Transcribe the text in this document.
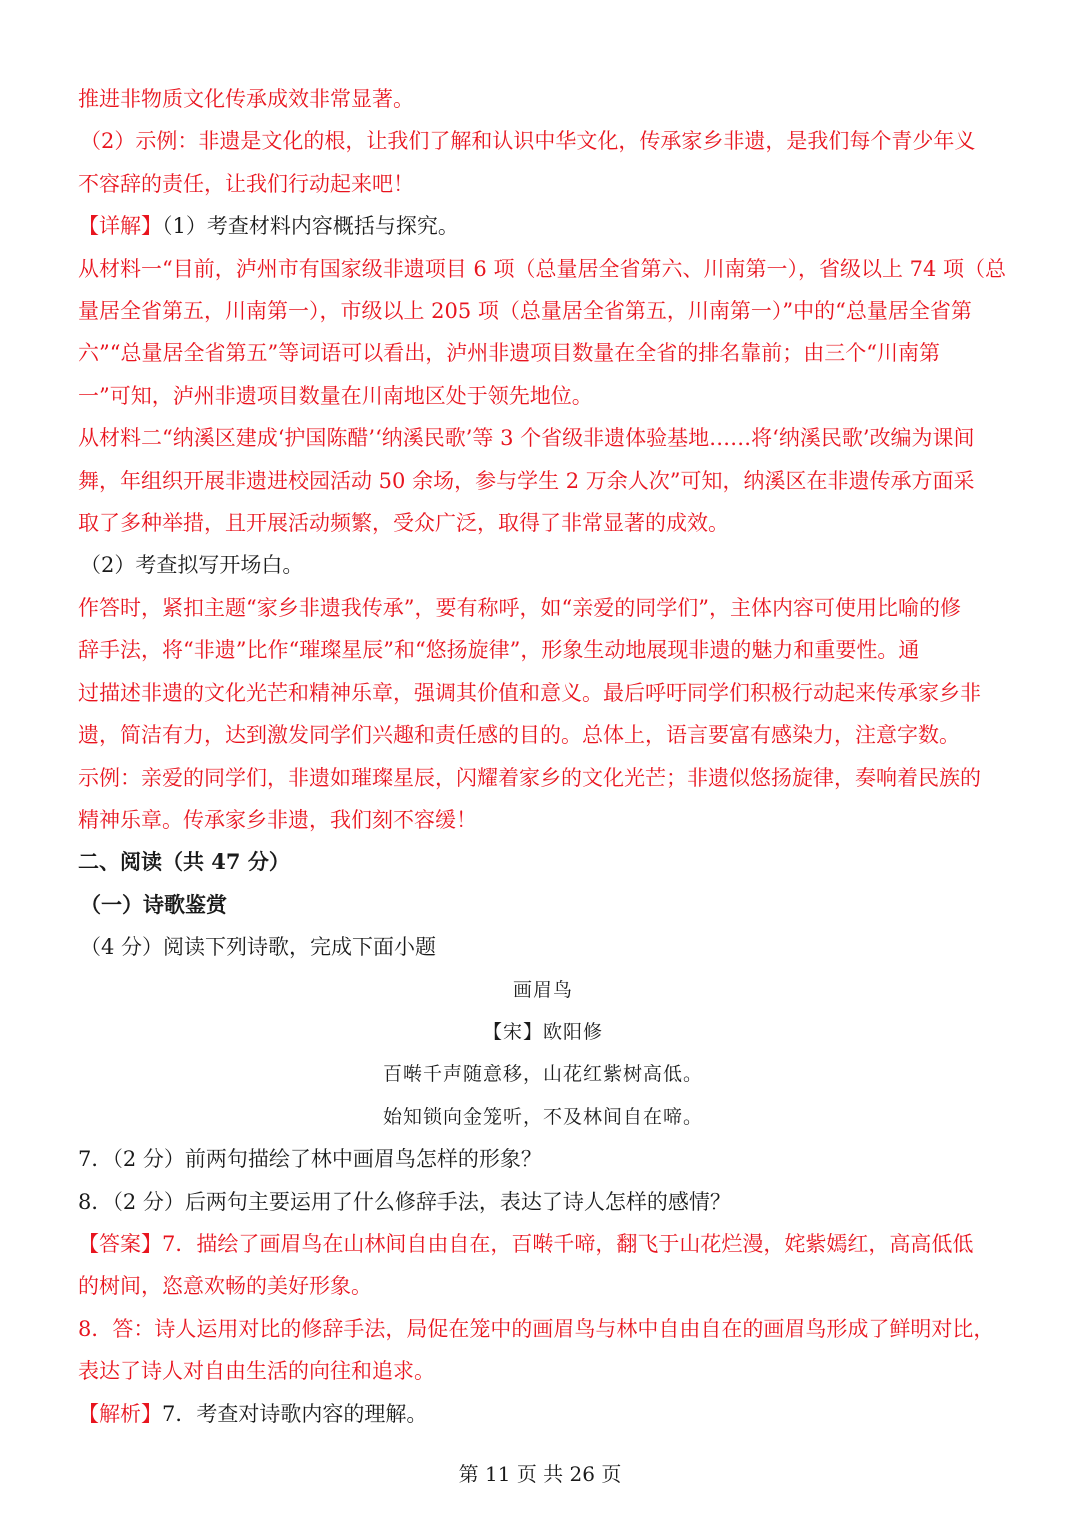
推进非物质文化传承成效非常显著。

（2）示例：非遗是文化的根，让我们了解和认识中华文化，传承家乡非遗，是我们每个青少年义

不容辞的责任，让我们行动起来吧！

【详解】（1）考查材料内容概括与探究。

从材料一“目前，泸州市有国家级非遗项目 6 项（总量居全省第六、川南第一），省级以上 74 项（总

量居全省第五，川南第一），市级以上 205 项（总量居全省第五，川南第一）”中的“总量居全省第

六”“总量居全省第五”等词语可以看出，泸州非遗项目数量在全省的排名靠前；由三个“川南第

一”可知，泸州非遗项目数量在川南地区处于领先地位。

从材料二“纳溪区建成‘护国陈醋’‘纳溪民歌’等 3 个省级非遗体验基地……将‘纳溪民歌’改编为课间

舞，年组织开展非遗进校园活动 50 余场，参与学生 2 万余人次”可知，纳溪区在非遗传承方面采

取了多种举措，且开展活动频繁，受众广泛，取得了非常显著的成效。

（2）考查拟写开场白。

作答时，紧扣主题“家乡非遗我传承”，要有称呼，如“亲爱的同学们”，主体内容可使用比喻的修

辞手法，将“非遗”比作“璀璨星辰”和“悠扬旋律”，形象生动地展现非遗的魅力和重要性。通

过描述非遗的文化光芒和精神乐章，强调其价值和意义。最后呼吁同学们积极行动起来传承家乡非

遗，简洁有力，达到激发同学们兴趣和责任感的目的。总体上，语言要富有感染力，注意字数。

示例：亲爱的同学们，非遗如璀璨星辰，闪耀着家乡的文化光芒；非遗似悠扬旋律，奏响着民族的

精神乐章。传承家乡非遗，我们刻不容缓！

二、阅读（共 47 分）

（一）诗歌鉴赏

（4 分）阅读下列诗歌，完成下面小题

画眉鸟

【宋】欧阳修

百啭千声随意移，山花红紫树高低。

始知锁向金笼听，不及林间自在啼。

7．（2 分）前两句描绘了林中画眉鸟怎样的形象？

8．（2 分）后两句主要运用了什么修辞手法，表达了诗人怎样的感情？

【答案】7．描绘了画眉鸟在山林间自由自在，百啭千啼，翻飞于山花烂漫，姹紫嫣红，高高低低

的树间，恣意欢畅的美好形象。

8．答：诗人运用对比的修辞手法，局促在笼中的画眉鸟与林中自由自在的画眉鸟形成了鲜明对比，

表达了诗人对自由生活的向往和追求。

【解析】7．考查对诗歌内容的理解。

第 11 页 共 26 页
